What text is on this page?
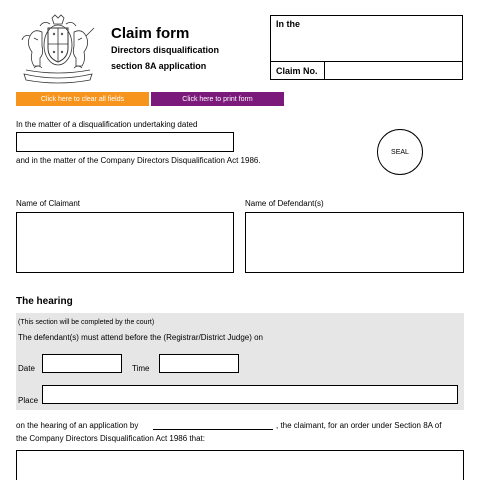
Claim form
Directors disqualification
section 8A application
In the
Claim No.
Click here to clear all fields	Click here to print form
In the matter of a disqualification undertaking dated
and in the matter of the Company Directors Disqualification Act 1986.
SEAL
Name of Claimant	Name of Defendant(s)
The hearing
(This section will be completed by the court)
The defendant(s) must attend before the (Registrar/District Judge) on
Date	Time
Place
on the hearing of an application by	, the claimant, for an order under Section 8A of
the Company Directors Disqualification Act 1986 that:
